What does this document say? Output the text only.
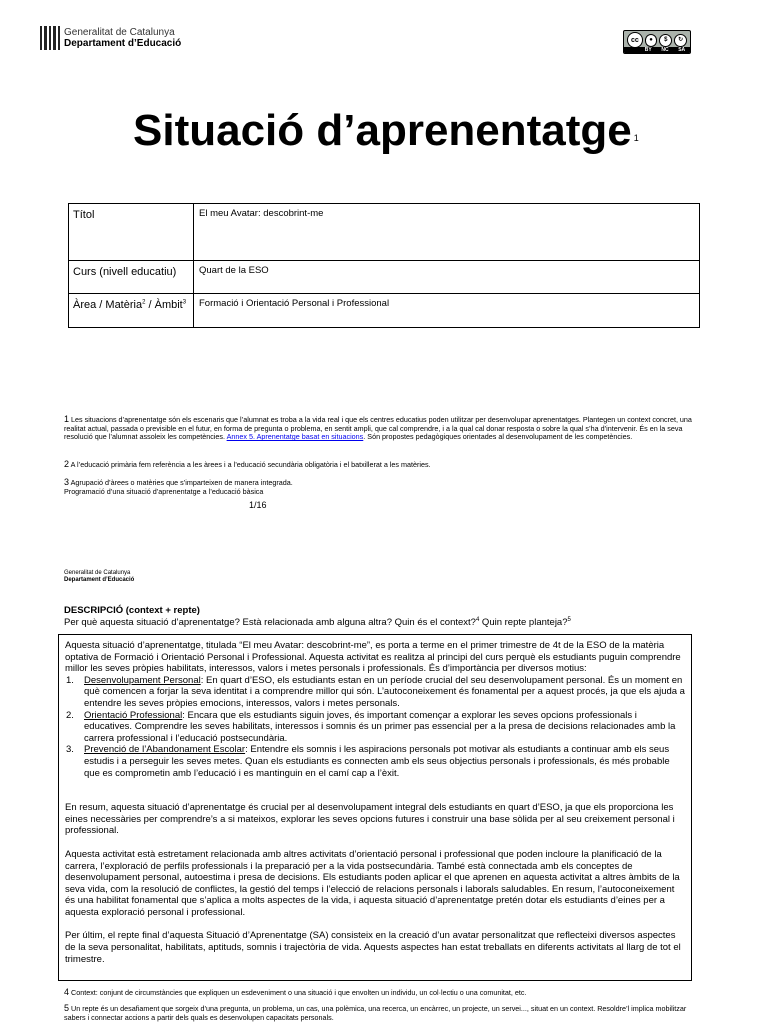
Generalitat de Catalunya
Departament d’Educació	cc	●	$	↻
BY NC SA
Situació d’aprenentatge $^1$
Títol	El meu Avatar: descobrint-me
Curs (nivell educatiu)	Quart de la ESO
Àrea / Matèria$^2$ / Àmbit$^3$	Formació i Orientació Personal i Professional
1 Les situacions d’aprenentatge són els escenaris que l’alumnat es troba a la vida real i que els centres educatius poden utilitzar per desenvolupar aprenentatges. Plantegen un context concret, una realitat actual, passada o previsible en el futur, en forma de pregunta o problema, en sentit ampli, que cal comprendre, i a la qual cal donar resposta o sobre la qual s’ha d’intervenir. És en la seva resolució que l’alumnat assoleix les competències. Annex 5. Aprenentatge basat en situacions. Són propostes pedagògiques orientades al desenvolupament de les competències.
2 A l’educació primària fem referència a les àrees i a l’educació secundària obligatòria i el batxillerat a les matèries.
3 Agrupació d’àrees o matèries que s’imparteixen de manera integrada.
Programació d’una situació d’aprenentatge a l’educació bàsica
1/16
Generalitat de Catalunya
Departament d’Educació
DESCRIPCIÓ (context + repte)
Per què aquesta situació d’aprenentatge? Està relacionada amb alguna altra? Quin és el context?$^4$ Quin repte planteja?$^5$

Aquesta situació d’aprenentatge, titulada “El meu Avatar: descobrint-me”, es porta a terme en el primer trimestre de 4t de la ESO de la matèria optativa de Formació i Orientació Personal i Professional. Aquesta activitat es realitza al principi del curs perquè els estudiants puguin comprendre millor les seves pròpies habilitats, interessos, valors i metes personals i professionals. És d’importància per diversos motius:

1. Desenvolupament Personal: En quart d’ESO, els estudiants estan en un període crucial del seu desenvolupament personal. És un moment en què comencen a forjar la seva identitat i a comprendre millor qui són. L’autoconeixement és fonamental per a aquest procés, ja que els ajuda a entendre les seves pròpies emocions, interessos, valors i metes personals.
2. Orientació Professional: Encara que els estudiants siguin joves, és important començar a explorar les seves opcions professionals i educatives. Comprendre les seves habilitats, interessos i somnis és un primer pas essencial per a la presa de decisions relacionades amb la carrera professional i l’educació postsecundària.
3. Prevenció de l’Abandonament Escolar: Entendre els somnis i les aspiracions personals pot motivar als estudiants a continuar amb els seus estudis i a perseguir les seves metes. Quan els estudiants es connecten amb els seus objectius personals i professionals, és més probable que es comprometin amb l’educació i es mantinguin en el camí cap a l’èxit.

En resum, aquesta situació d’aprenentatge és crucial per al desenvolupament integral dels estudiants en quart d’ESO, ja que els proporciona les eines necessàries per comprendre’s a si mateixos, explorar les seves opcions futures i construir una base sòlida per al seu creixement personal i professional.

Aquesta activitat està estretament relacionada amb altres activitats d’orientació personal i professional que poden incloure la planificació de la carrera, l’exploració de perfils professionals i la preparació per a la vida postsecundària. També està connectada amb els conceptes de desenvolupament personal, autoestima i presa de decisions. Els estudiants poden aplicar el que aprenen en aquesta activitat a altres àmbits de la seva vida, com la resolució de conflictes, la gestió del temps i l’elecció de relacions personals i laborals saludables. En resum, l’autoconeixement és una habilitat fonamental que s’aplica a molts aspectes de la vida, i aquesta situació d’aprenentatge pretén dotar els estudiants d’eines per a aquesta exploració personal i professional.

Per últim, el repte final d’aquesta Situació d’Aprenentatge (SA) consisteix en la creació d’un avatar personalitzat que reflecteixi diversos aspectes de la seva personalitat, habilitats, aptituds, somnis i trajectòria de vida. Aquests aspectes han estat treballats en diferents activitats al llarg de tot el trimestre.

4 Context: conjunt de circumstàncies que expliquen un esdeveniment o una situació i que envolten un individu, un col·lectiu o una comunitat, etc.
5 Un repte és un desafiament que sorgeix d’una pregunta, un problema, un cas, una polèmica, una recerca, un encàrrec, un projecte, un servei..., situat en un context. Resoldre’l implica mobilitzar sabers i connectar accions a partir dels quals es desenvolupen capacitats personals.
